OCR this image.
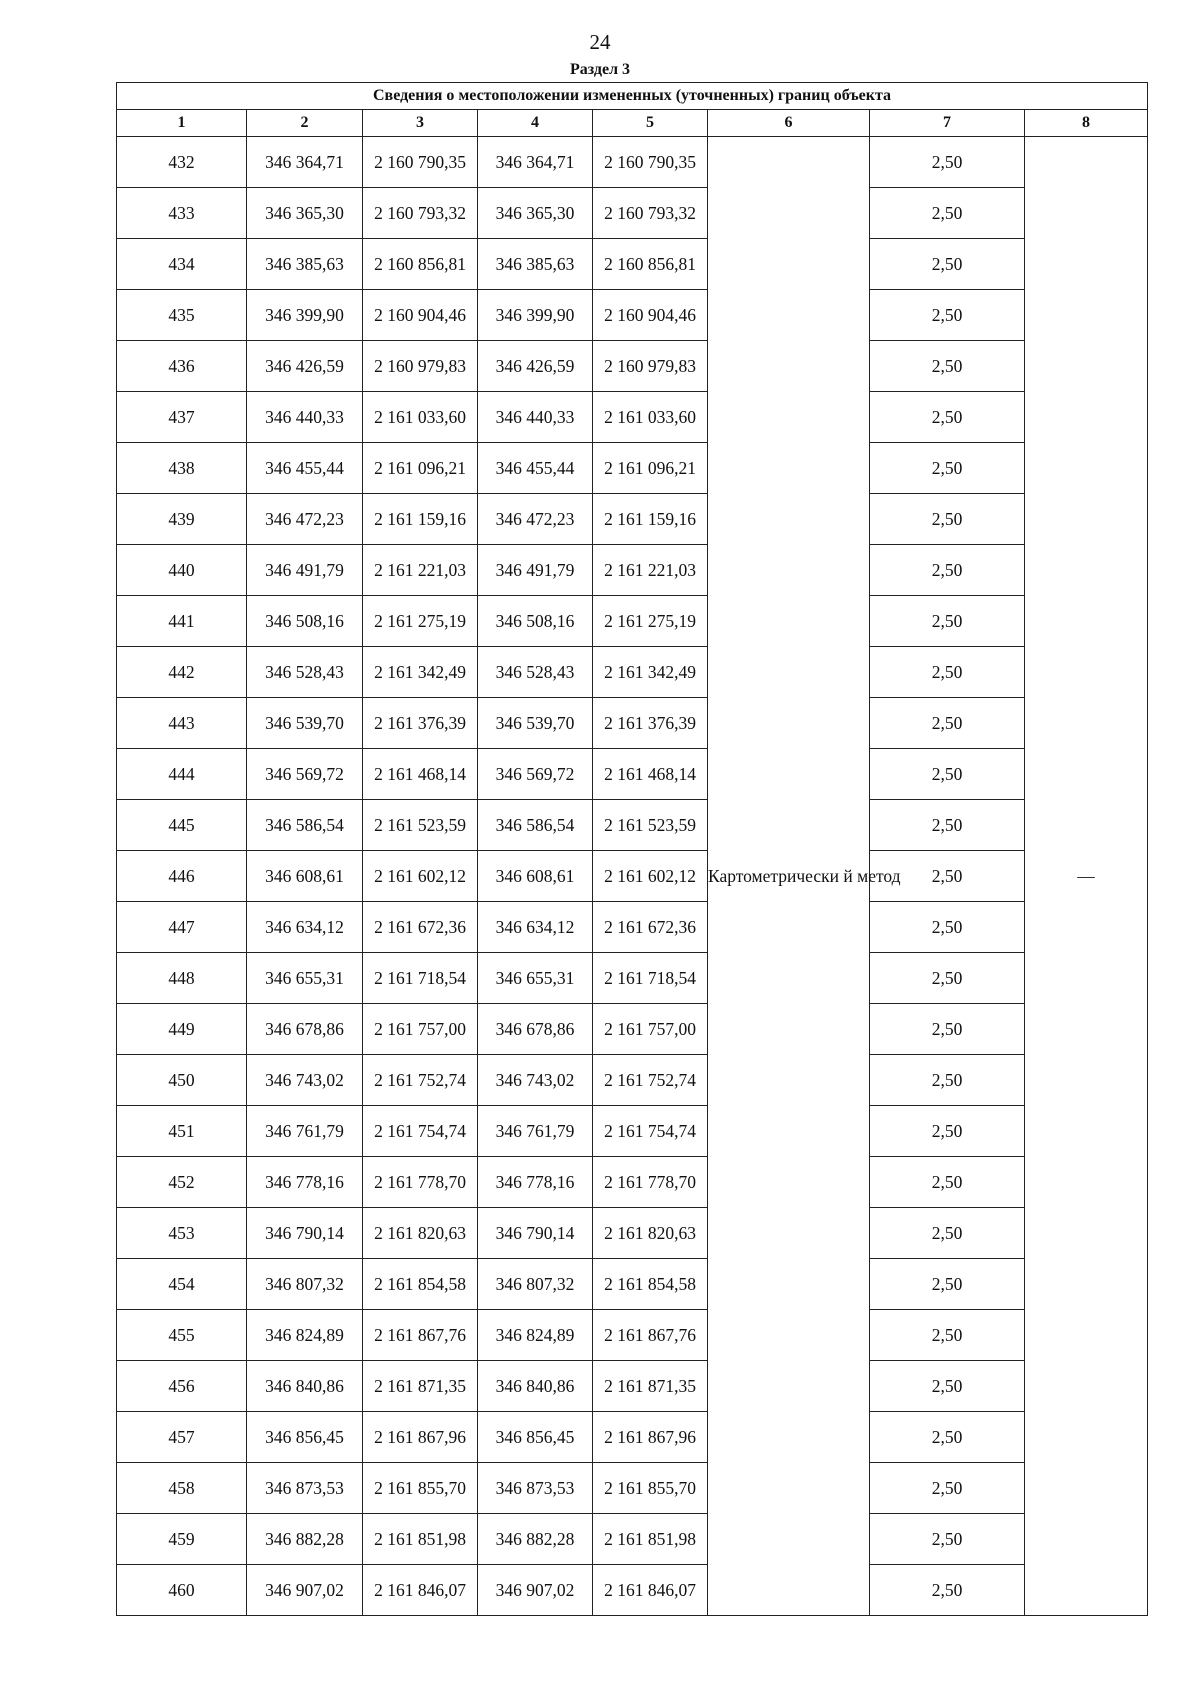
24
Раздел 3
Сведения о местоположении измененных (уточненных) границ объекта							
1	2	3	4	5	6	7	8
432	346 364,71	2 160 790,35	346 364,71	2 160 790,35	Картометрически й метод	2,50	—
433	346 365,30	2 160 793,32	346 365,30	2 160 793,32		2,50	
434	346 385,63	2 160 856,81	346 385,63	2 160 856,81		2,50	
435	346 399,90	2 160 904,46	346 399,90	2 160 904,46		2,50	
436	346 426,59	2 160 979,83	346 426,59	2 160 979,83		2,50	
437	346 440,33	2 161 033,60	346 440,33	2 161 033,60		2,50	
438	346 455,44	2 161 096,21	346 455,44	2 161 096,21		2,50	
439	346 472,23	2 161 159,16	346 472,23	2 161 159,16		2,50	
440	346 491,79	2 161 221,03	346 491,79	2 161 221,03		2,50	
441	346 508,16	2 161 275,19	346 508,16	2 161 275,19		2,50	
442	346 528,43	2 161 342,49	346 528,43	2 161 342,49		2,50	
443	346 539,70	2 161 376,39	346 539,70	2 161 376,39		2,50	
444	346 569,72	2 161 468,14	346 569,72	2 161 468,14		2,50	
445	346 586,54	2 161 523,59	346 586,54	2 161 523,59		2,50	
446	346 608,61	2 161 602,12	346 608,61	2 161 602,12		2,50	
447	346 634,12	2 161 672,36	346 634,12	2 161 672,36		2,50	
448	346 655,31	2 161 718,54	346 655,31	2 161 718,54		2,50	
449	346 678,86	2 161 757,00	346 678,86	2 161 757,00		2,50	
450	346 743,02	2 161 752,74	346 743,02	2 161 752,74		2,50	
451	346 761,79	2 161 754,74	346 761,79	2 161 754,74		2,50	
452	346 778,16	2 161 778,70	346 778,16	2 161 778,70		2,50	
453	346 790,14	2 161 820,63	346 790,14	2 161 820,63		2,50	
454	346 807,32	2 161 854,58	346 807,32	2 161 854,58		2,50	
455	346 824,89	2 161 867,76	346 824,89	2 161 867,76		2,50	
456	346 840,86	2 161 871,35	346 840,86	2 161 871,35		2,50	
457	346 856,45	2 161 867,96	346 856,45	2 161 867,96		2,50	
458	346 873,53	2 161 855,70	346 873,53	2 161 855,70		2,50	
459	346 882,28	2 161 851,98	346 882,28	2 161 851,98		2,50	
460	346 907,02	2 161 846,07	346 907,02	2 161 846,07		2,50	
